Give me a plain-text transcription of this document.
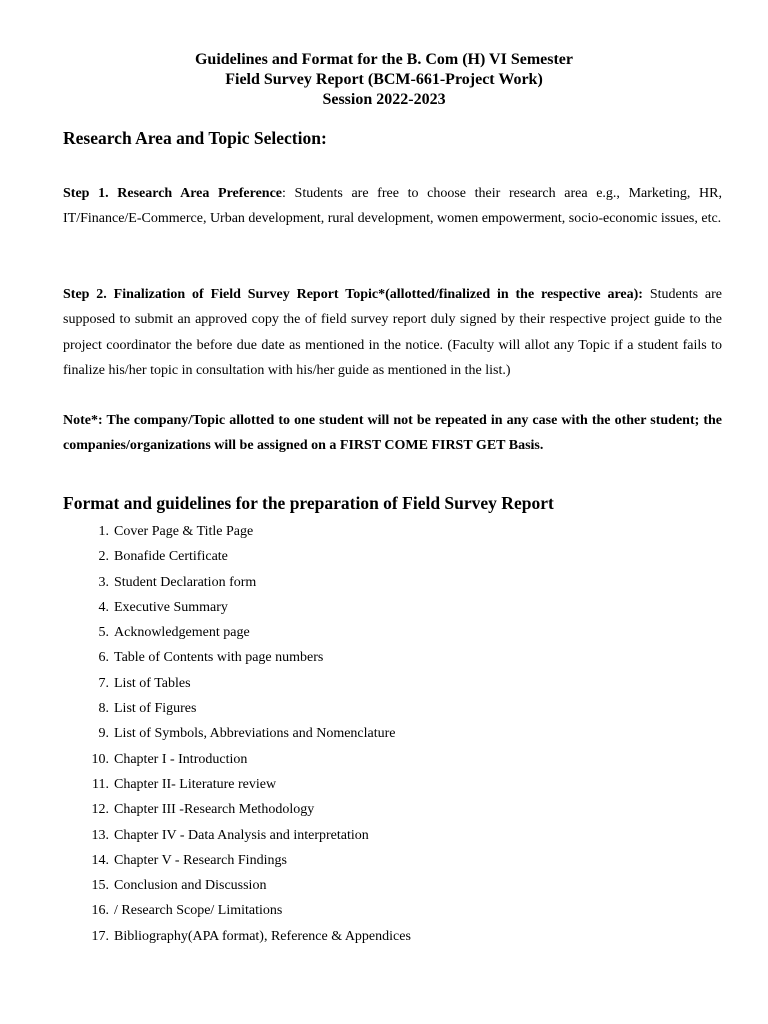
Guidelines and Format for the B. Com (H) VI Semester
Field Survey Report (BCM-661-Project Work)
Session 2022-2023
Research Area and Topic Selection:
Step 1. Research Area Preference: Students are free to choose their research area e.g., Marketing, HR, IT/Finance/E-Commerce, Urban development, rural development, women empowerment, socio-economic issues, etc.
Step 2. Finalization of Field Survey Report Topic*(allotted/finalized in the respective area): Students are supposed to submit an approved copy the of field survey report duly signed by their respective project guide to the project coordinator the before due date as mentioned in the notice. (Faculty will allot any Topic if a student fails to finalize his/her topic in consultation with his/her guide as mentioned in the list.)
Note*: The company/Topic allotted to one student will not be repeated in any case with the other student; the companies/organizations will be assigned on a FIRST COME FIRST GET Basis.
Format and guidelines for the preparation of Field Survey Report
1. Cover Page & Title Page
2. Bonafide Certificate
3. Student Declaration form
4. Executive Summary
5. Acknowledgement page
6. Table of Contents with page numbers
7. List of Tables
8. List of Figures
9. List of Symbols, Abbreviations and Nomenclature
10. Chapter I - Introduction
11. Chapter II- Literature review
12. Chapter III -Research Methodology
13. Chapter IV - Data Analysis and interpretation
14. Chapter V - Research Findings
15. Conclusion and Discussion
16. / Research Scope/ Limitations
17. Bibliography(APA format), Reference & Appendices
